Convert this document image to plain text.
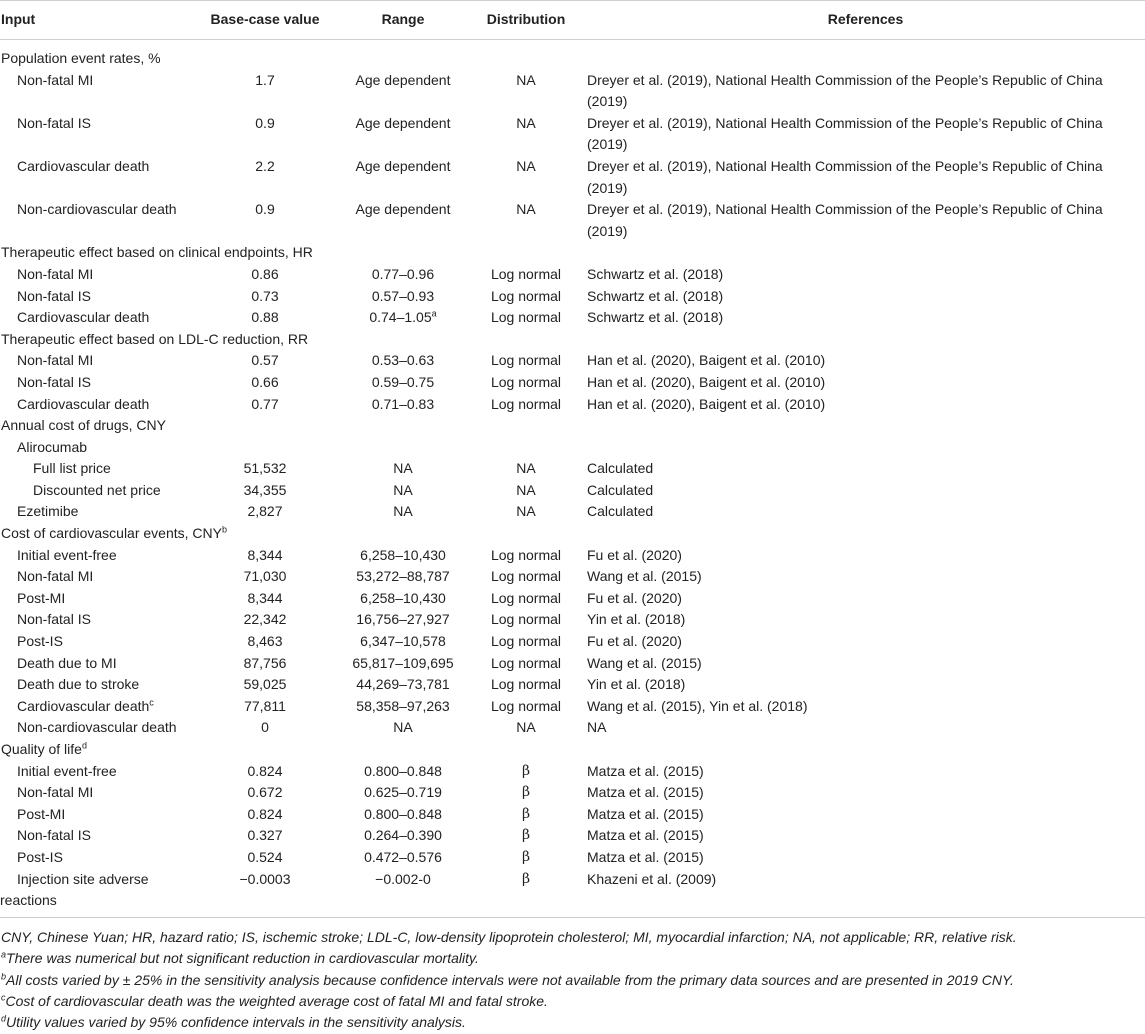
Input	Base-case value	Range	Distribution	References
Population event rates, %				
Non-fatal MI	1.7	Age dependent	NA	Dreyer et al. (2019), National Health Commission of the People’s Republic of China (2019)
Non-fatal IS	0.9	Age dependent	NA	Dreyer et al. (2019), National Health Commission of the People’s Republic of China (2019)
Cardiovascular death	2.2	Age dependent	NA	Dreyer et al. (2019), National Health Commission of the People’s Republic of China (2019)
Non-cardiovascular death	0.9	Age dependent	NA	Dreyer et al. (2019), National Health Commission of the People’s Republic of China (2019)
Therapeutic effect based on clinical endpoints, HR				
Non-fatal MI	0.86	0.77–0.96	Log normal	Schwartz et al. (2018)
Non-fatal IS	0.73	0.57–0.93	Log normal	Schwartz et al. (2018)
Cardiovascular death	0.88	0.74–1.05$^a$	Log normal	Schwartz et al. (2018)
Therapeutic effect based on LDL-C reduction, RR				
Non-fatal MI	0.57	0.53–0.63	Log normal	Han et al. (2020), Baigent et al. (2010)
Non-fatal IS	0.66	0.59–0.75	Log normal	Han et al. (2020), Baigent et al. (2010)
Cardiovascular death	0.77	0.71–0.83	Log normal	Han et al. (2020), Baigent et al. (2010)
Annual cost of drugs, CNY				
Alirocumab				
Full list price	51,532	NA	NA	Calculated
Discounted net price	34,355	NA	NA	Calculated
Ezetimibe	2,827	NA	NA	Calculated
Cost of cardiovascular events, CNY$^b$
Initial event-free	8,344	6,258–10,430	Log normal	Fu et al. (2020)
Non-fatal MI	71,030	53,272–88,787	Log normal	Wang et al. (2015)
Post-MI	8,344	6,258–10,430	Log normal	Fu et al. (2020)
Non-fatal IS	22,342	16,756–27,927	Log normal	Yin et al. (2018)
Post-IS	8,463	6,347–10,578	Log normal	Fu et al. (2020)
Death due to MI	87,756	65,817–109,695	Log normal	Wang et al. (2015)
Death due to stroke	59,025	44,269–73,781	Log normal	Yin et al. (2018)
Cardiovascular death$^c$	77,811	58,358–97,263	Log normal	Wang et al. (2015), Yin et al. (2018)
Non-cardiovascular death	0	NA	NA	NA
Quality of life$^d$
Initial event-free	0.824	0.800–0.848	β	Matza et al. (2015)
Non-fatal MI	0.672	0.625–0.719	β	Matza et al. (2015)
Post-MI	0.824	0.800–0.848	β	Matza et al. (2015)
Non-fatal IS	0.327	0.264–0.390	β	Matza et al. (2015)
Post-IS	0.524	0.472–0.576	β	Matza et al. (2015)
Injection site adverse reactions	−0.0003	−0.002-0	β	Khazeni et al. (2009)
CNY, Chinese Yuan; HR, hazard ratio; IS, ischemic stroke; LDL-C, low-density lipoprotein cholesterol; MI, myocardial infarction; NA, not applicable; RR, relative risk.
$^a$There was numerical but not significant reduction in cardiovascular mortality.
$^b$All costs varied by ± 25% in the sensitivity analysis because confidence intervals were not available from the primary data sources and are presented in 2019 CNY.
$^c$Cost of cardiovascular death was the weighted average cost of fatal MI and fatal stroke.
$^d$Utility values varied by 95% confidence intervals in the sensitivity analysis.
